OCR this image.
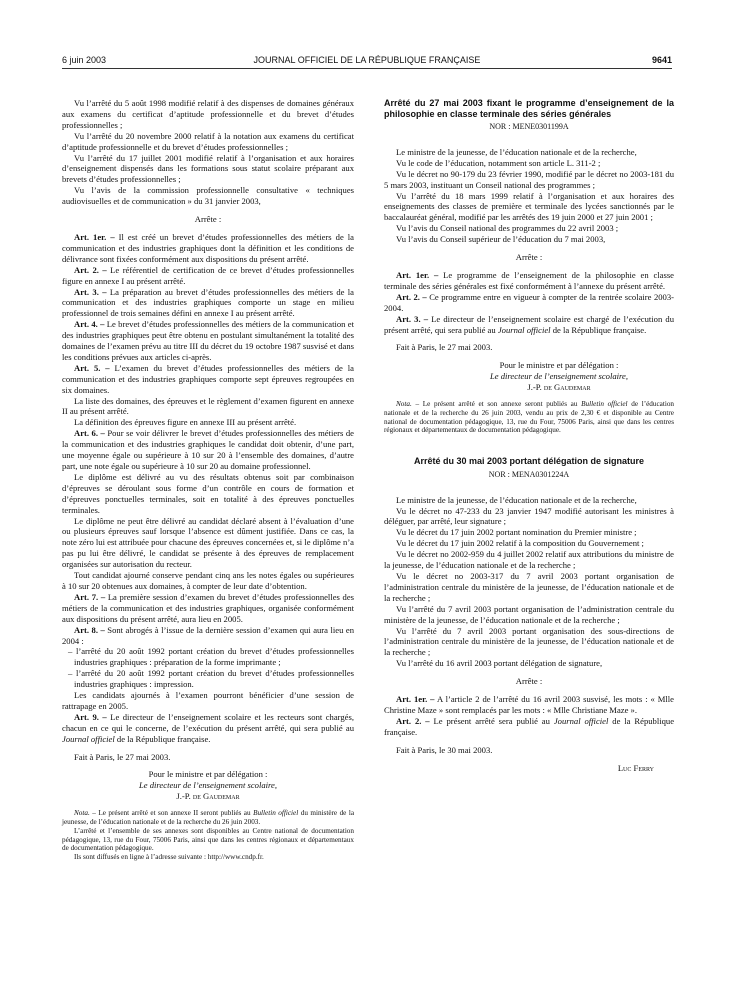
6 juin 2003	JOURNAL OFFICIEL DE LA RÉPUBLIQUE FRANÇAISE	9641

Vu l’arrêté du 5 août 1998 modifié relatif à des dispenses de domaines généraux aux examens du certificat d’aptitude professionnelle et du brevet d’études professionnelles ;

Vu l’arrêté du 20 novembre 2000 relatif à la notation aux examens du certificat d’aptitude professionnelle et du brevet d’études professionnelles ;

Vu l’arrêté du 17 juillet 2001 modifié relatif à l’organisation et aux horaires d’enseignement dispensés dans les formations sous statut scolaire préparant aux brevets d’études professionnelles ;

Vu l’avis de la commission professionnelle consultative « techniques audiovisuelles et de communication » du 31 janvier 2003,

Arrête :

Art. 1er. – Il est créé un brevet d’études professionnelles des métiers de la communication et des industries graphiques dont la définition et les conditions de délivrance sont fixées conformément aux dispositions du présent arrêté.

Art. 2. – Le référentiel de certification de ce brevet d’études professionnelles figure en annexe I au présent arrêté.

Art. 3. – La préparation au brevet d’études professionnelles des métiers de la communication et des industries graphiques comporte un stage en milieu professionnel de trois semaines défini en annexe I au présent arrêté.

Art. 4. – Le brevet d’études professionnelles des métiers de la communication et des industries graphiques peut être obtenu en postulant simultanément la totalité des domaines de l’examen prévu au titre III du décret du 19 octobre 1987 susvisé et dans les conditions prévues aux articles ci-après.

Art. 5. – L’examen du brevet d’études professionnelles des métiers de la communication et des industries graphiques comporte sept épreuves regroupées en six domaines.

La liste des domaines, des épreuves et le règlement d’examen figurent en annexe II au présent arrêté.

La définition des épreuves figure en annexe III au présent arrêté.

Art. 6. – Pour se voir délivrer le brevet d’études professionnelles des métiers de la communication et des industries graphiques le candidat doit obtenir, d’une part, une moyenne égale ou supérieure à 10 sur 20 à l’ensemble des domaines, d’autre part, une note égale ou supérieure à 10 sur 20 au domaine professionnel.

Le diplôme est délivré au vu des résultats obtenus soit par combinaison d’épreuves se déroulant sous forme d’un contrôle en cours de formation et d’épreuves ponctuelles terminales, soit en totalité à des épreuves ponctuelles terminales.

Le diplôme ne peut être délivré au candidat déclaré absent à l’évaluation d’une ou plusieurs épreuves sauf lorsque l’absence est dûment justifiée. Dans ce cas, la note zéro lui est attribuée pour chacune des épreuves concernées et, si le diplôme n’a pas pu lui être délivré, le candidat se présente à des épreuves de remplacement organisées sur autorisation du recteur.

Tout candidat ajourné conserve pendant cinq ans les notes égales ou supérieures à 10 sur 20 obtenues aux domaines, à compter de leur date d’obtention.

Art. 7. – La première session d’examen du brevet d’études professionnelles des métiers de la communication et des industries graphiques, organisée conformément aux dispositions du présent arrêté, aura lieu en 2005.

Art. 8. – Sont abrogés à l’issue de la dernière session d’examen qui aura lieu en 2004 :

– l’arrêté du 20 août 1992 portant création du brevet d’études professionnelles industries graphiques : préparation de la forme imprimante ;

– l’arrêté du 20 août 1992 portant création du brevet d’études professionnelles industries graphiques : impression.

Les candidats ajournés à l’examen pourront bénéficier d’une session de rattrapage en 2005.

Art. 9. – Le directeur de l’enseignement scolaire et les recteurs sont chargés, chacun en ce qui le concerne, de l’exécution du présent arrêté, qui sera publié au Journal officiel de la République française.

Fait à Paris, le 27 mai 2003.

Pour le ministre et par délégation :

Le directeur de l’enseignement scolaire,

J.-P. de Gaudemar

Nota. – Le présent arrêté et son annexe II seront publiés au Bulletin officiel du ministère de la jeunesse, de l’éducation nationale et de la recherche du 26 juin 2003.

L’arrêté et l’ensemble de ses annexes sont disponibles au Centre national de documentation pédagogique, 13, rue du Four, 75006 Paris, ainsi que dans les centres régionaux et départementaux de documentation pédagogique.

Ils sont diffusés en ligne à l’adresse suivante : http://www.cndp.fr.

Arrêté du 27 mai 2003 fixant le programme d’enseignement de la philosophie en classe terminale des séries générales

NOR : MENE0301199A

Le ministre de la jeunesse, de l’éducation nationale et de la recherche,

Vu le code de l’éducation, notamment son article L. 311-2 ;

Vu le décret no 90-179 du 23 février 1990, modifié par le décret no 2003-181 du 5 mars 2003, instituant un Conseil national des programmes ;

Vu l’arrêté du 18 mars 1999 relatif à l’organisation et aux horaires des enseignements des classes de première et terminale des lycées sanctionnés par le baccalauréat général, modifié par les arrêtés des 19 juin 2000 et 27 juin 2001 ;

Vu l’avis du Conseil national des programmes du 22 avril 2003 ;

Vu l’avis du Conseil supérieur de l’éducation du 7 mai 2003,

Arrête :

Art. 1er. – Le programme de l’enseignement de la philosophie en classe terminale des séries générales est fixé conformément à l’annexe du présent arrêté.

Art. 2. – Ce programme entre en vigueur à compter de la rentrée scolaire 2003-2004.

Art. 3. – Le directeur de l’enseignement scolaire est chargé de l’exécution du présent arrêté, qui sera publié au Journal officiel de la République française.

Fait à Paris, le 27 mai 2003.

Pour le ministre et par délégation :

Le directeur de l’enseignement scolaire,

J.-P. de Gaudemar

Nota. – Le présent arrêté et son annexe seront publiés au Bulletin officiel de l’éducation nationale et de la recherche du 26 juin 2003, vendu au prix de 2,30 € et disponible au Centre national de documentation pédagogique, 13, rue du Four, 75006 Paris, ainsi que dans les centres régionaux et départementaux de documentation pédagogique.

Arrêté du 30 mai 2003 portant délégation de signature

NOR : MENA0301224A

Le ministre de la jeunesse, de l’éducation nationale et de la recherche,

Vu le décret no 47-233 du 23 janvier 1947 modifié autorisant les ministres à déléguer, par arrêté, leur signature ;

Vu le décret du 17 juin 2002 portant nomination du Premier ministre ;

Vu le décret du 17 juin 2002 relatif à la composition du Gouvernement ;

Vu le décret no 2002-959 du 4 juillet 2002 relatif aux attributions du ministre de la jeunesse, de l’éducation nationale et de la recherche ;

Vu le décret no 2003-317 du 7 avril 2003 portant organisation de l’administration centrale du ministère de la jeunesse, de l’éducation nationale et de la recherche ;

Vu l’arrêté du 7 avril 2003 portant organisation de l’administration centrale du ministère de la jeunesse, de l’éducation nationale et de la recherche ;

Vu l’arrêté du 7 avril 2003 portant organisation des sous-directions de l’administration centrale du ministère de la jeunesse, de l’éducation nationale et de la recherche ;

Vu l’arrêté du 16 avril 2003 portant délégation de signature,

Arrête :

Art. 1er. – A l’article 2 de l’arrêté du 16 avril 2003 susvisé, les mots : « Mlle Christine Maze » sont remplacés par les mots : « Mlle Christiane Maze ».

Art. 2. – Le présent arrêté sera publié au Journal officiel de la République française.

Fait à Paris, le 30 mai 2003.

Luc Ferry
